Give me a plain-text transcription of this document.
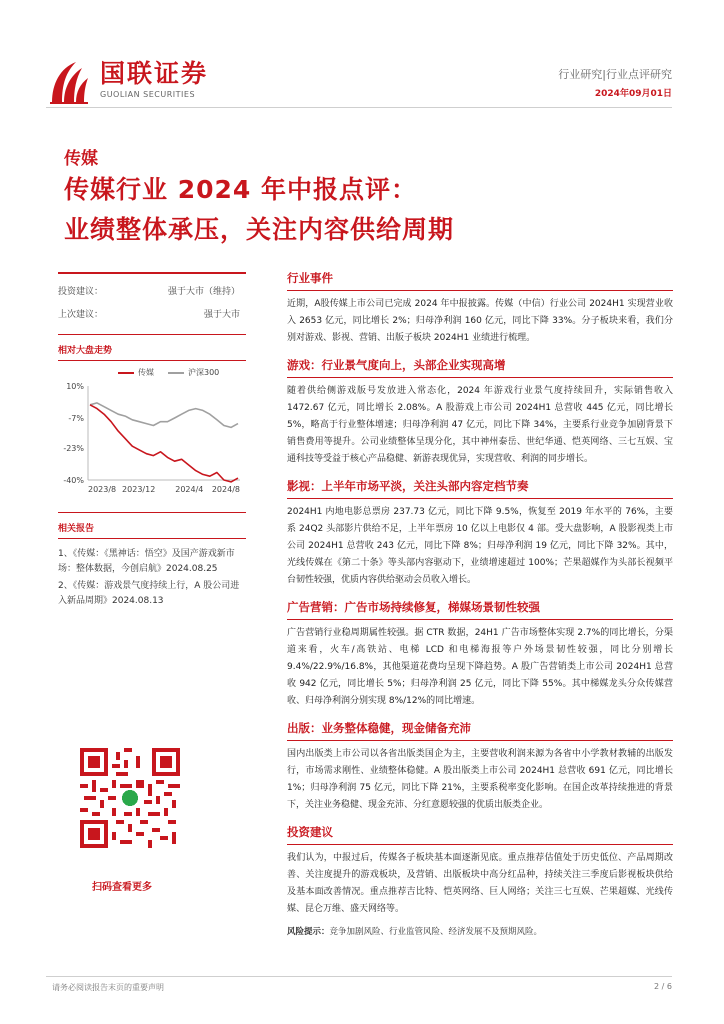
国联证券
GUOLIAN SECURITIES
行业研究|行业点评研究
2024年09月01日
传媒
传媒行业 2024 年中报点评：
业绩整体承压，关注内容供给周期
投资建议：	强于大市（维持）
上次建议：	强于大市
相对大盘走势
传媒	沪深300
10%
-7%
-23%
-40%
2023/8 2023/12 2024/4 2024/8
相关报告

1、《传媒：《黑神话：悟空》及国产游戏新市场：整体数据，今创启航》2024.08.25

2、《传媒：游戏景气度持续上行，A 股公司进入新品周期》2024.08.13

扫码查看更多
行业事件
近期，A股传媒上市公司已完成 2024 年中报披露。传媒（中信）行业公司 2024H1 实现营业收入 2653 亿元，同比增长 2%；归母净利润 160 亿元，同比下降 33%。分子板块来看，我们分别对游戏、影视、营销、出版子板块 2024H1 业绩进行梳理。
游戏：行业景气度向上，头部企业实现高增
随着供给侧游戏版号发放进入常态化，2024 年游戏行业景气度持续回升，实际销售收入 1472.67 亿元，同比增长 2.08%。A 股游戏上市公司 2024H1 总营收 445 亿元，同比增长 5%，略高于行业整体增速；归母净利润 47 亿元，同比下降 34%，主要系行业竞争加剧背景下销售费用等提升。公司业绩整体呈现分化，其中神州泰岳、世纪华通、恺英网络、三七互娱、宝通科技等受益于核心产品稳健、新游表现优异，实现营收、利润的同步增长。
影视：上半年市场平淡，关注头部内容定档节奏
2024H1 内地电影总票房 237.73 亿元，同比下降 9.5%，恢复至 2019 年水平的 76%，主要系 24Q2 头部影片供给不足，上半年票房 10 亿以上电影仅 4 部。受大盘影响，A 股影视类上市公司 2024H1 总营收 243 亿元，同比下降 8%；归母净利润 19 亿元，同比下降 32%。其中，光线传媒在《第二十条》等头部内容驱动下，业绩增速超过 100%；芒果超媒作为头部长视频平台韧性较强，优质内容供给驱动会员收入增长。
广告营销：广告市场持续修复，梯媒场景韧性较强
广告营销行业稳周期属性较强。据 CTR 数据，24H1 广告市场整体实现 2.7%的同比增长，分渠道来看，火车/高铁站、电梯 LCD 和电梯海报等户外场景韧性较强，同比分别增长 9.4%/22.9%/16.8%，其他渠道花费均呈现下降趋势。A 股广告营销类上市公司 2024H1 总营收 942 亿元，同比增长 5%；归母净利润 25 亿元，同比下降 55%。其中梯媒龙头分众传媒营收、归母净利润分别实现 8%/12%的同比增速。
出版：业务整体稳健，现金储备充沛
国内出版类上市公司以各省出版类国企为主，主要营收利润来源为各省中小学教材教辅的出版发行，市场需求刚性、业绩整体稳健。A 股出版类上市公司 2024H1 总营收 691 亿元，同比增长 1%；归母净利润 75 亿元，同比下降 21%，主要系税率变化影响。在国企改革持续推进的背景下，关注业务稳健、现金充沛、分红意愿较强的优质出版类企业。
投资建议
我们认为，中报过后，传媒各子板块基本面逐渐见底。重点推荐估值处于历史低位、产品周期改善、关注度提升的游戏板块，及营销、出版板块中高分红品种，持续关注三季度后影视板块供给及基本面改善情况。重点推荐吉比特、恺英网络、巨人网络；关注三七互娱、芒果超媒、光线传媒、昆仑万维、盛天网络等。
风险提示：竞争加剧风险、行业监管风险、经济发展不及预期风险。
请务必阅读报告末页的重要声明	2 / 6
